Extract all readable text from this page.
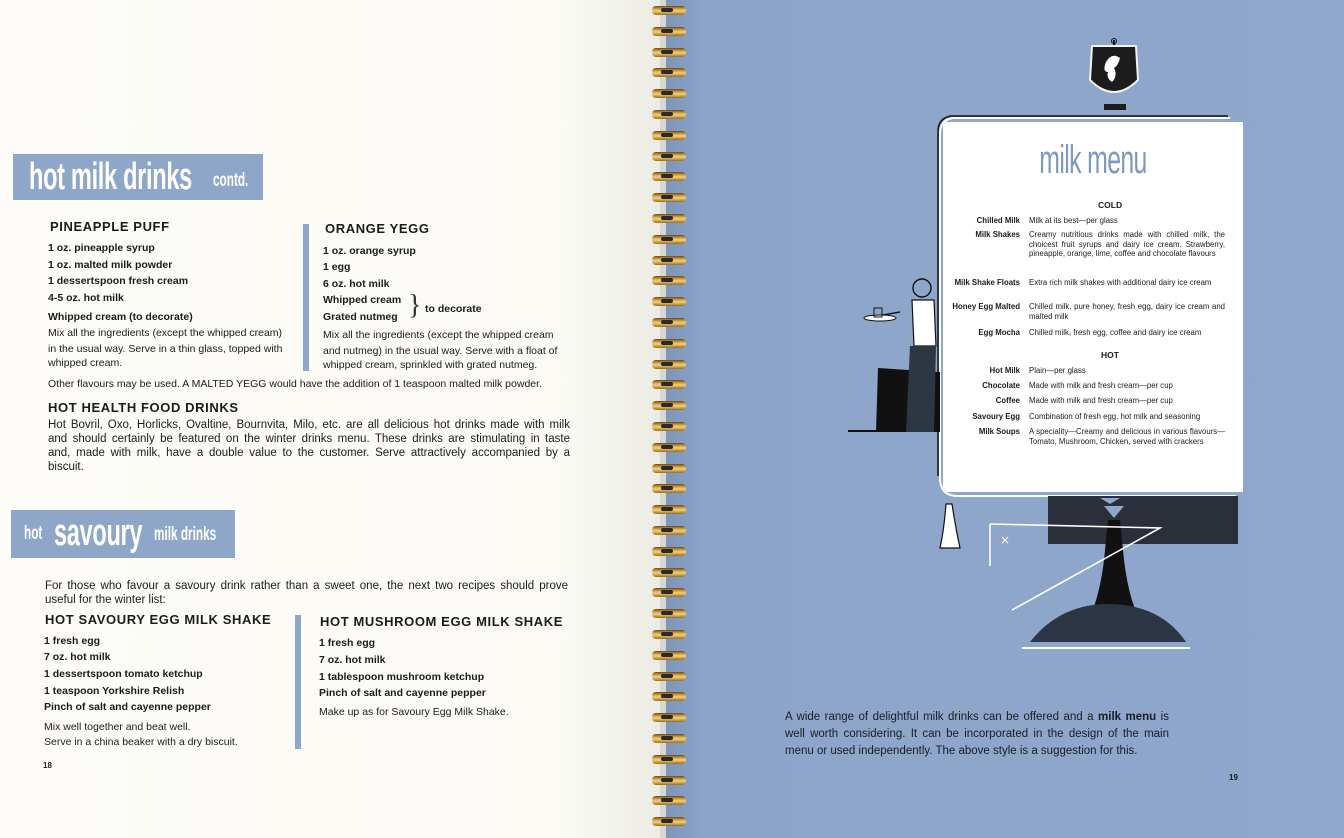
hot milk drinks contd.
PINEAPPLE PUFF
1 oz. pineapple syrup
1 oz. malted milk powder
1 dessertspoon fresh cream
4-5 oz. hot milk
Whipped cream (to decorate)
Mix all the ingredients (except the whipped cream)
in the usual way. Serve in a thin glass, topped with
whipped cream.
ORANGE YEGG
1 oz. orange syrup
1 egg
6 oz. hot milk
Whipped cream
Grated nutmeg } to decorate
Mix all the ingredients (except the whipped cream
and nutmeg) in the usual way. Serve with a float of
whipped cream, sprinkled with grated nutmeg.
Other flavours may be used. A MALTED YEGG would have the addition of 1 teaspoon malted milk powder.
HOT HEALTH FOOD DRINKS
Hot Bovril, Oxo, Horlicks, Ovaltine, Bournvita, Milo, etc. are all delicious hot drinks made with milk
and should certainly be featured on the winter drinks menu. These drinks are stimulating in taste
and, made with milk, have a double value to the customer. Serve attractively accompanied by a
biscuit.
hot savoury milk drinks
For those who favour a savoury drink rather than a sweet one, the next two recipes should prove
useful for the winter list:
HOT SAVOURY EGG MILK SHAKE
1 fresh egg
7 oz. hot milk
1 dessertspoon tomato ketchup
1 teaspoon Yorkshire Relish
Pinch of salt and cayenne pepper
Mix well together and beat well.
Serve in a china beaker with a dry biscuit.
HOT MUSHROOM EGG MILK SHAKE
1 fresh egg
7 oz. hot milk
1 tablespoon mushroom ketchup
Pinch of salt and cayenne pepper
Make up as for Savoury Egg Milk Shake.
18
×
milk menu
COLD
Chilled Milk Milk at its best—per glass
Milk Shakes Creamy nutritious drinks made with chilled milk, the choicest fruit syrups and dairy ice cream. Strawberry, pineapple, orange, lime, coffee and chocolate flavours
Milk Shake Floats Extra rich milk shakes with additional dairy ice cream
Honey Egg Malted Chilled milk, pure honey, fresh egg, dairy ice cream and malted milk
Egg Mocha Chilled milk, fresh egg, coffee and dairy ice cream
HOT
Hot Milk Plain—per glass
Chocolate Made with milk and fresh cream—per cup
Coffee Made with milk and fresh cream—per cup
Savoury Egg Combination of fresh egg, hot milk and seasoning
Milk Soups A speciality—Creamy and delicious in various flavours—Tomato, Mushroom, Chicken, served with crackers
A wide range of delightful milk drinks can be offered and a milk menu is well worth considering. It can be incorporated in the design of the main menu or used independently. The above style is a suggestion for this.
19
